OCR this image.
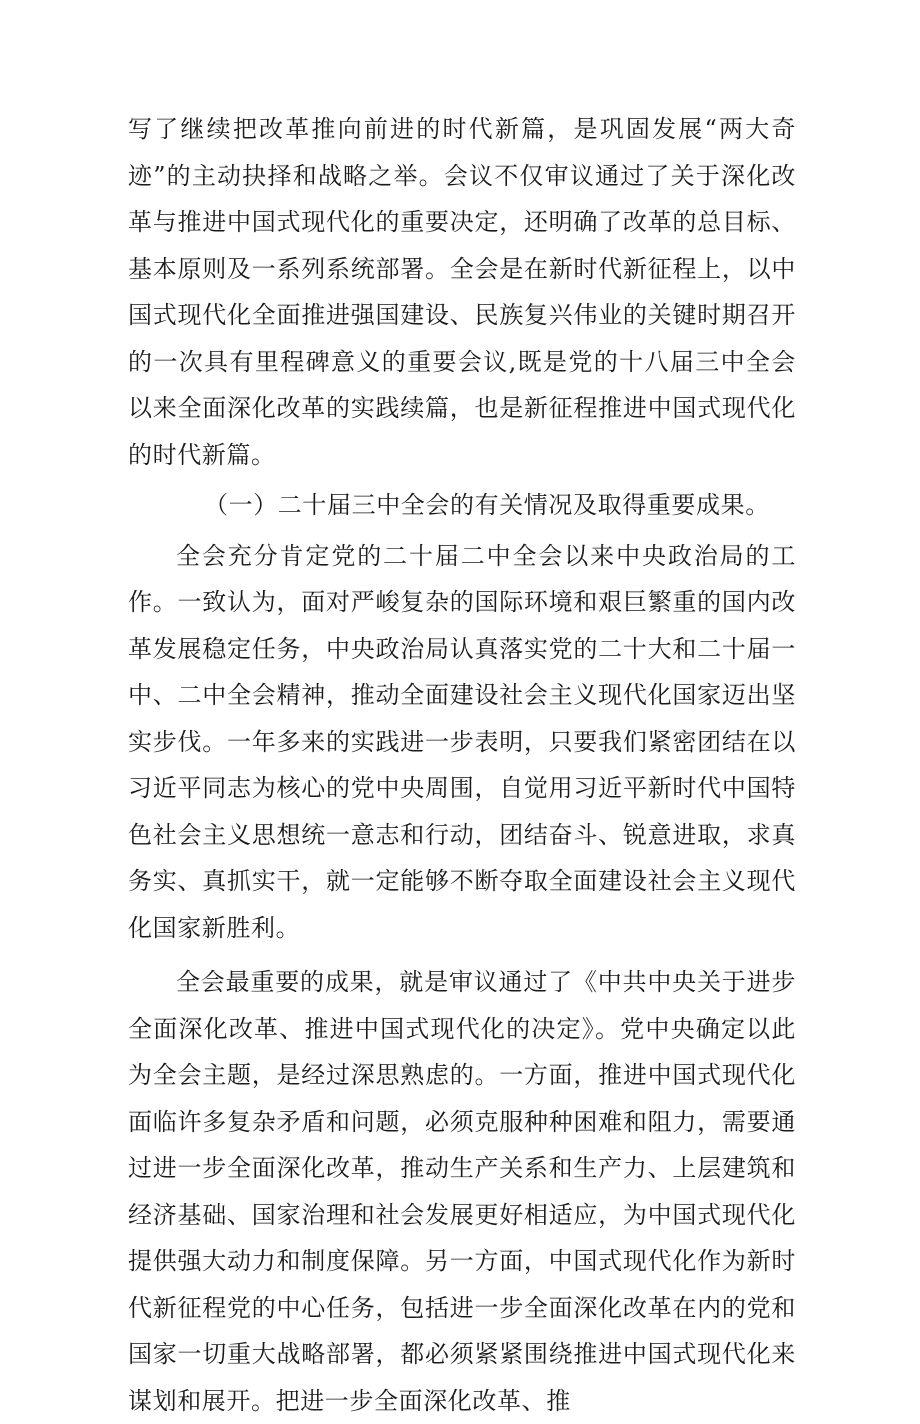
写了继续把改革推向前进的时代新篇，是巩固发展“两大奇迹”的主动抉择和战略之举。会议不仅审议通过了关于深化改革与推进中国式现代化的重要决定，还明确了改革的总目标、基本原则及一系列系统部署。全会是在新时代新征程上，以中国式现代化全面推进强国建设、民族复兴伟业的关键时期召开的一次具有里程碑意义的重要会议,既是党的十八届三中全会以来全面深化改革的实践续篇，也是新征程推进中国式现代化的时代新篇。

（一）二十届三中全会的有关情况及取得重要成果。

全会充分肯定党的二十届二中全会以来中央政治局的工作。一致认为，面对严峻复杂的国际环境和艰巨繁重的国内改革发展稳定任务，中央政治局认真落实党的二十大和二十届一中、二中全会精神，推动全面建设社会主义现代化国家迈出坚实步伐。一年多来的实践进一步表明，只要我们紧密团结在以习近平同志为核心的党中央周围，自觉用习近平新时代中国特色社会主义思想统一意志和行动，团结奋斗、锐意进取，求真务实、真抓实干，就一定能够不断夺取全面建设社会主义现代化国家新胜利。

全会最重要的成果，就是审议通过了《中共中央关于进步全面深化改革、推进中国式现代化的决定》。党中央确定以此为全会主题，是经过深思熟虑的。一方面，推进中国式现代化面临许多复杂矛盾和问题，必须克服种种困难和阻力，需要通过进一步全面深化改革，推动生产关系和生产力、上层建筑和经济基础、国家治理和社会发展更好相适应，为中国式现代化提供强大动力和制度保障。另一方面，中国式现代化作为新时代新征程党的中心任务，包括进一步全面深化改革在内的党和国家一切重大战略部署，都必须紧紧围绕推进中国式现代化来谋划和展开。把进一步全面深化改革、推
